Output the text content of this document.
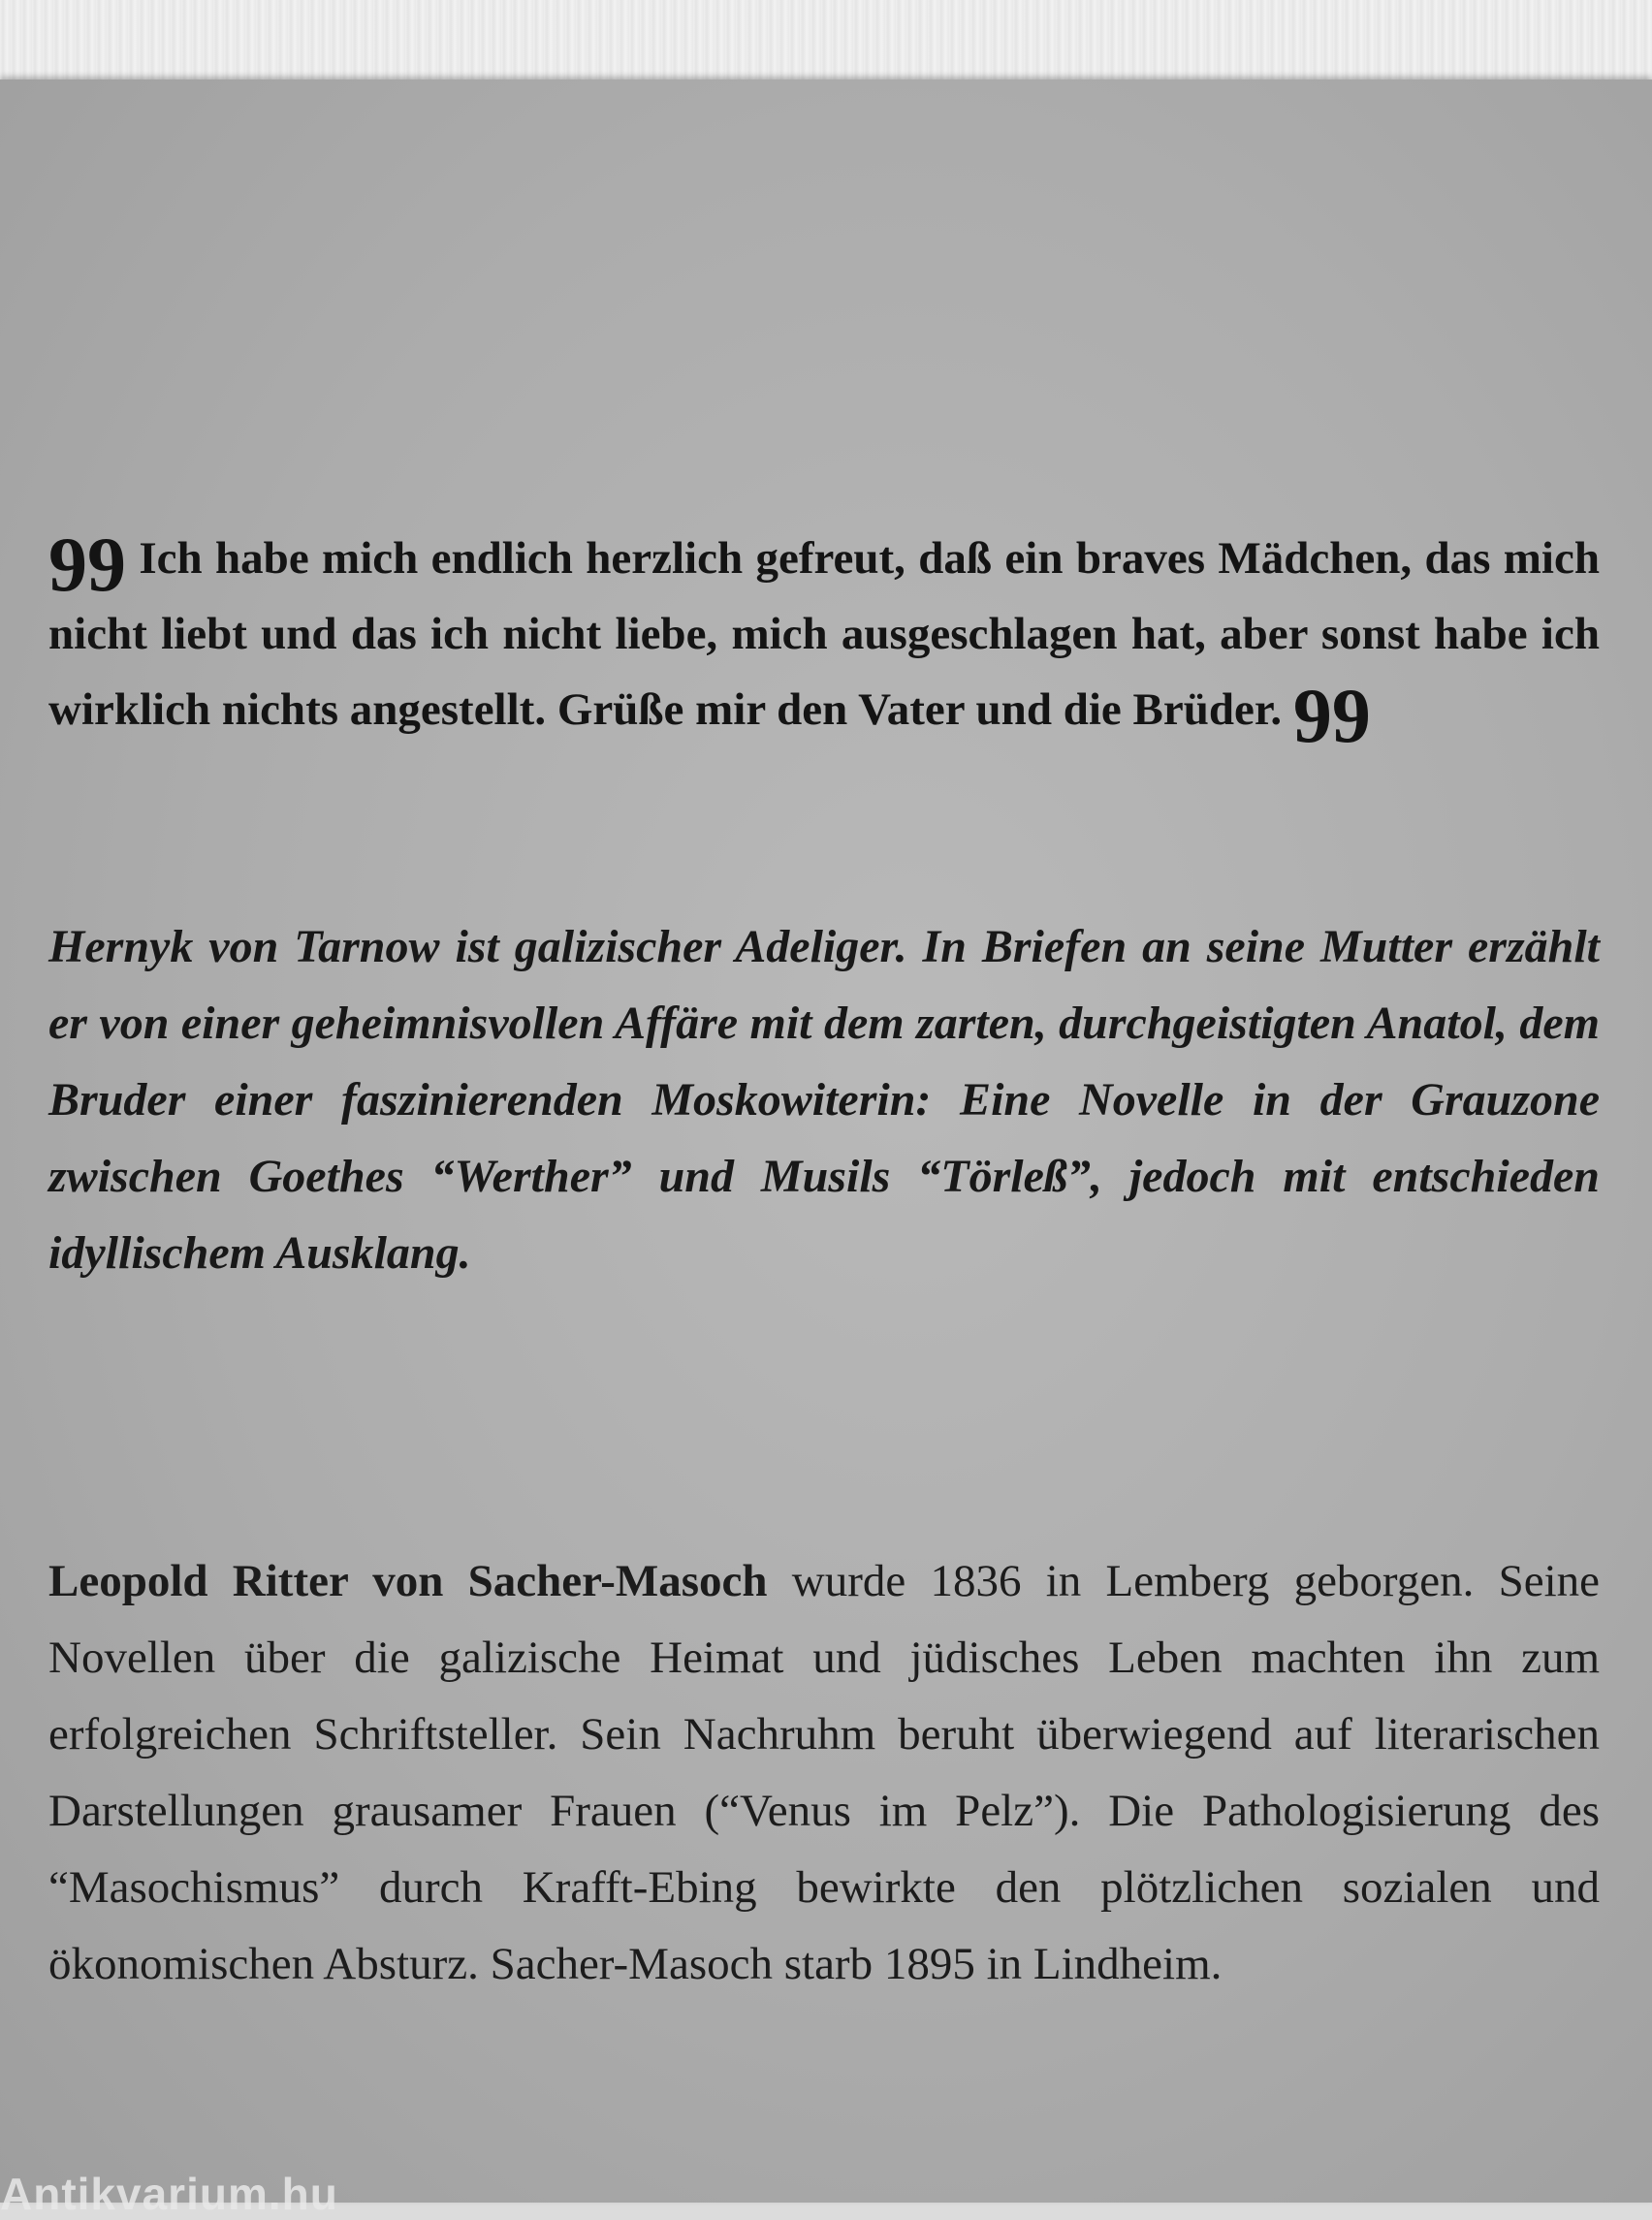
99 Ich habe mich endlich herzlich gefreut, daß ein braves Mädchen, das mich nicht liebt und das ich nicht liebe, mich ausgeschlagen hat, aber sonst habe ich wirklich nichts angestellt. Grüße mir den Vater und die Brüder. 99
Hernyk von Tarnow ist galizischer Adeliger. In Briefen an seine Mutter erzählt er von einer geheimnisvollen Affäre mit dem zarten, durchgeistigten Anatol, dem Bruder einer faszinierenden Moskowiterin: Eine Novelle in der Grauzone zwischen Goethes “Werther” und Musils “Törleß”, jedoch mit entschieden idyllischem Ausklang.
Leopold Ritter von Sacher-Masoch wurde 1836 in Lemberg geborgen. Seine Novellen über die galizische Heimat und jüdisches Leben machten ihn zum erfolgreichen Schriftsteller. Sein Nachruhm beruht überwiegend auf literarischen Darstellungen grausamer Frauen (“Venus im Pelz”). Die Pathologisierung des “Masochismus” durch Krafft-Ebing bewirkte den plötzlichen sozialen und ökonomischen Absturz. Sacher-Masoch starb 1895 in Lindheim.
Antikvarium.hu
